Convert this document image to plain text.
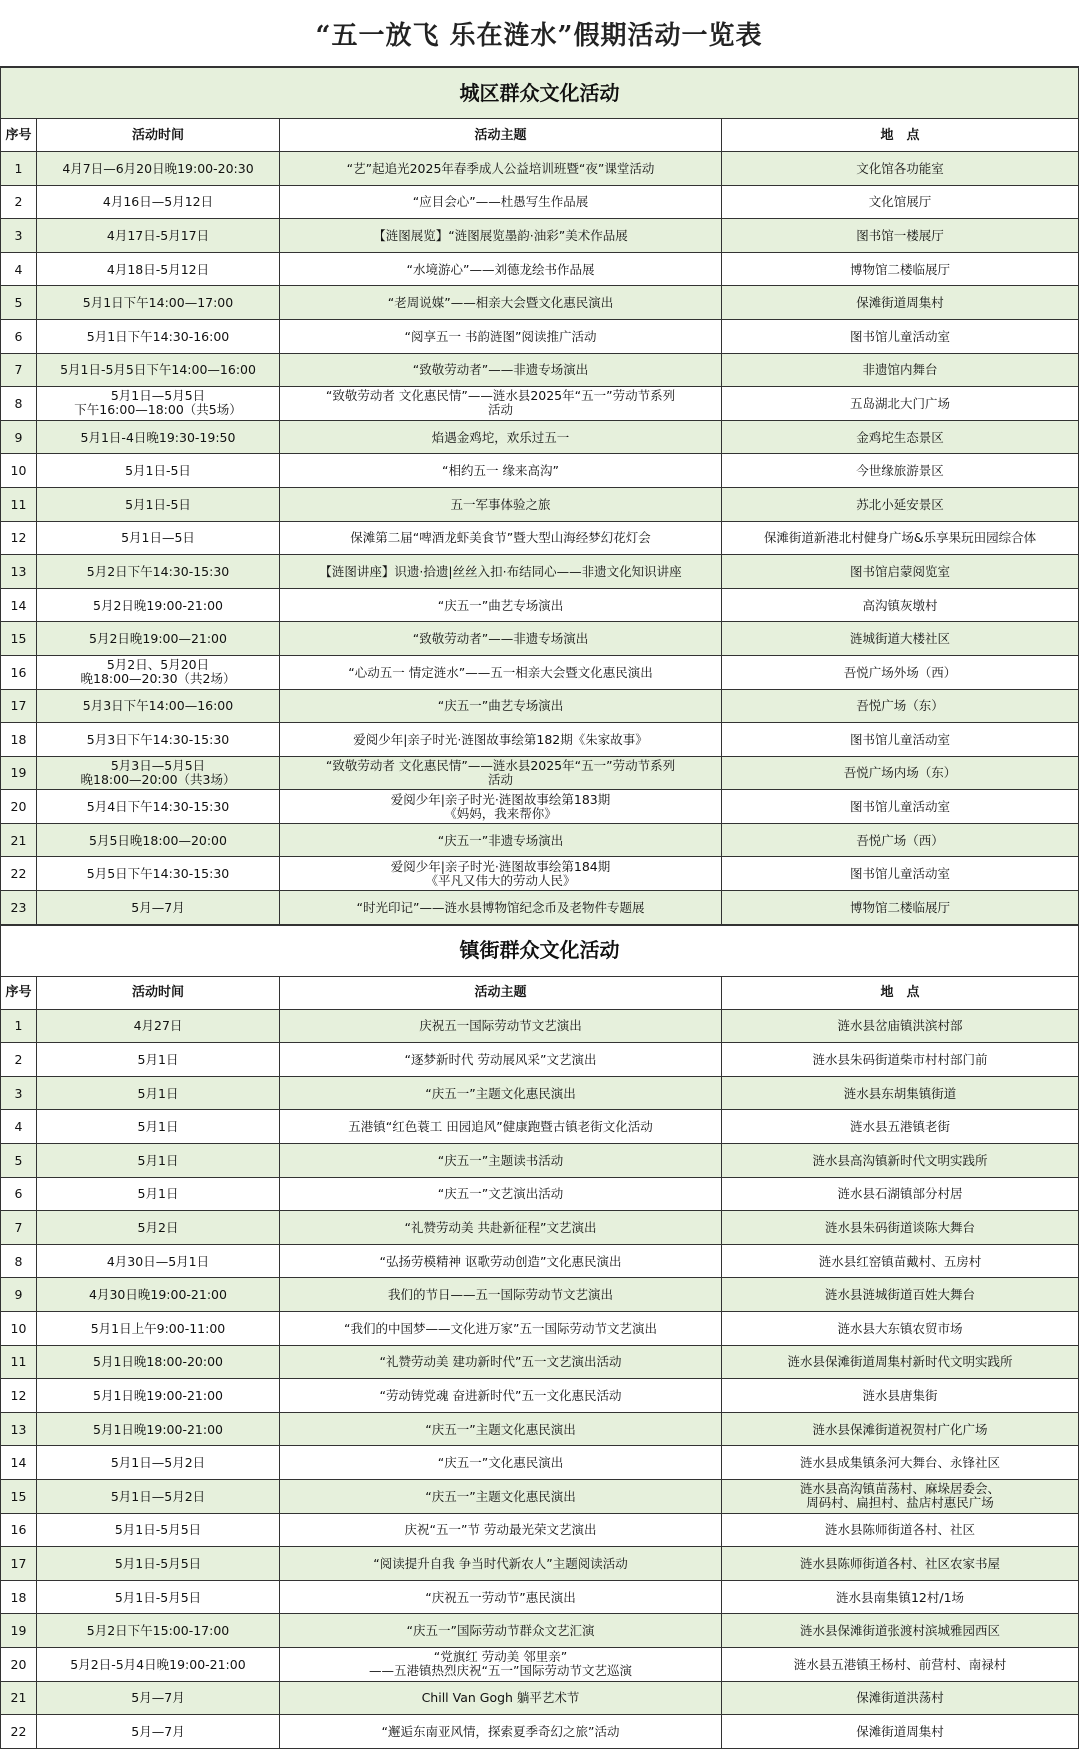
“五一放飞 乐在涟水”假期活动一览表
城区群众文化活动			
序号	活动时间	活动主题	地　点
1	4月7日—6月20日晚19:00-20:30	“艺”起追光2025年春季成人公益培训班暨“夜”课堂活动	文化馆各功能室
2	4月16日—5月12日	“应目会心”——杜愚写生作品展	文化馆展厅
3	4月17日-5月17日	【涟图展览】“涟图展览墨韵·油彩”美术作品展	图书馆一楼展厅
4	4月18日-5月12日	“水境游心”——刘德龙绘书作品展	博物馆二楼临展厅
5	5月1日下午14:00—17:00	“老周说媒”——相亲大会暨文化惠民演出	保滩街道周集村
6	5月1日下午14:30-16:00	“阅享五一 书韵涟图”阅读推广活动	图书馆儿童活动室
7	5月1日-5月5日下午14:00—16:00	“致敬劳动者”——非遗专场演出	非遗馆内舞台
8	5月1日—5月5日
下午16:00—18:00（共5场）	“致敬劳动者 文化惠民情”——涟水县2025年“五一”劳动节系列
活动	五岛湖北大门广场
9	5月1日-4日晚19:30-19:50	焰遇金鸡坨，欢乐过五一	金鸡坨生态景区
10	5月1日-5日	“相约五一 缘来高沟”	今世缘旅游景区
11	5月1日-5日	五一军事体验之旅	苏北小延安景区
12	5月1日—5日	保滩第二届“啤酒龙虾美食节”暨大型山海经梦幻花灯会	保滩街道新港北村健身广场&乐享果玩田园综合体
13	5月2日下午14:30-15:30	【涟图讲座】识遗·拾遗|丝丝入扣·布结同心——非遗文化知识讲座	图书馆启蒙阅览室
14	5月2日晚19:00-21:00	“庆五一”曲艺专场演出	高沟镇灰墩村
15	5月2日晚19:00—21:00	“致敬劳动者”——非遗专场演出	涟城街道大楼社区
16	5月2日、5月20日
晚18:00—20:30（共2场）	“心动五一 情定涟水”——五一相亲大会暨文化惠民演出	吾悦广场外场（西）
17	5月3日下午14:00—16:00	“庆五一”曲艺专场演出	吾悦广场（东）
18	5月3日下午14:30-15:30	爱阅少年|亲子时光·涟图故事绘第182期《朱家故事》	图书馆儿童活动室
19	5月3日—5月5日
晚18:00—20:00（共3场）	“致敬劳动者 文化惠民情”——涟水县2025年“五一”劳动节系列
活动	吾悦广场内场（东）
20	5月4日下午14:30-15:30	爱阅少年|亲子时光·涟图故事绘第183期
《妈妈，我来帮你》	图书馆儿童活动室
21	5月5日晚18:00—20:00	“庆五一”非遗专场演出	吾悦广场（西）
22	5月5日下午14:30-15:30	爱阅少年|亲子时光·涟图故事绘第184期
《平凡又伟大的劳动人民》	图书馆儿童活动室
23	5月—7月	“时光印记”——涟水县博物馆纪念币及老物件专题展	博物馆二楼临展厅
镇街群众文化活动			
序号	活动时间	活动主题	地　点
1	4月27日	庆祝五一国际劳动节文艺演出	涟水县岔庙镇洪滨村部
2	5月1日	“逐梦新时代 劳动展风采”文艺演出	涟水县朱码街道柴市村村部门前
3	5月1日	“庆五一”主题文化惠民演出	涟水县东胡集镇街道
4	5月1日	五港镇“红色蓑工 田园追风”健康跑暨古镇老街文化活动	涟水县五港镇老街
5	5月1日	“庆五一”主题读书活动	涟水县高沟镇新时代文明实践所
6	5月1日	“庆五一”文艺演出活动	涟水县石湖镇部分村居
7	5月2日	“礼赞劳动美 共赴新征程”文艺演出	涟水县朱码街道谈陈大舞台
8	4月30日—5月1日	“弘扬劳模精神 讴歌劳动创造”文化惠民演出	涟水县红窑镇苗戴村、五房村
9	4月30日晚19:00-21:00	我们的节日——五一国际劳动节文艺演出	涟水县涟城街道百姓大舞台
10	5月1日上午9:00-11:00	“我们的中国梦——文化进万家”五一国际劳动节文艺演出	涟水县大东镇农贸市场
11	5月1日晚18:00-20:00	“礼赞劳动美 建功新时代”五一文艺演出活动	涟水县保滩街道周集村新时代文明实践所
12	5月1日晚19:00-21:00	“劳动铸党魂 奋进新时代”五一文化惠民活动	涟水县唐集街
13	5月1日晚19:00-21:00	“庆五一”主题文化惠民演出	涟水县保滩街道祝贺村广化广场
14	5月1日—5月2日	“庆五一”文化惠民演出	涟水县成集镇条河大舞台、永锋社区
15	5月1日—5月2日	“庆五一”主题文化惠民演出	涟水县高沟镇苗荡村、麻垛居委会、
周码村、扁担村、盐店村惠民广场
16	5月1日-5月5日	庆祝“五一”节 劳动最光荣文艺演出	涟水县陈师街道各村、社区
17	5月1日-5月5日	“阅读提升自我 争当时代新农人”主题阅读活动	涟水县陈师街道各村、社区农家书屋
18	5月1日-5月5日	“庆祝五一劳动节”惠民演出	涟水县南集镇12村/1场
19	5月2日下午15:00-17:00	“庆五一”国际劳动节群众文艺汇演	涟水县保滩街道张渡村滨城雅园西区
20	5月2日-5月4日晚19:00-21:00	“党旗红 劳动美 邻里亲”
——五港镇热烈庆祝“五一”国际劳动节文艺巡演	涟水县五港镇王杨村、前营村、南禄村
21	5月—7月	Chill Van Gogh 躺平艺术节	保滩街道洪荡村
22	5月—7月	“邂逅东南亚风情，探索夏季奇幻之旅”活动	保滩街道周集村
